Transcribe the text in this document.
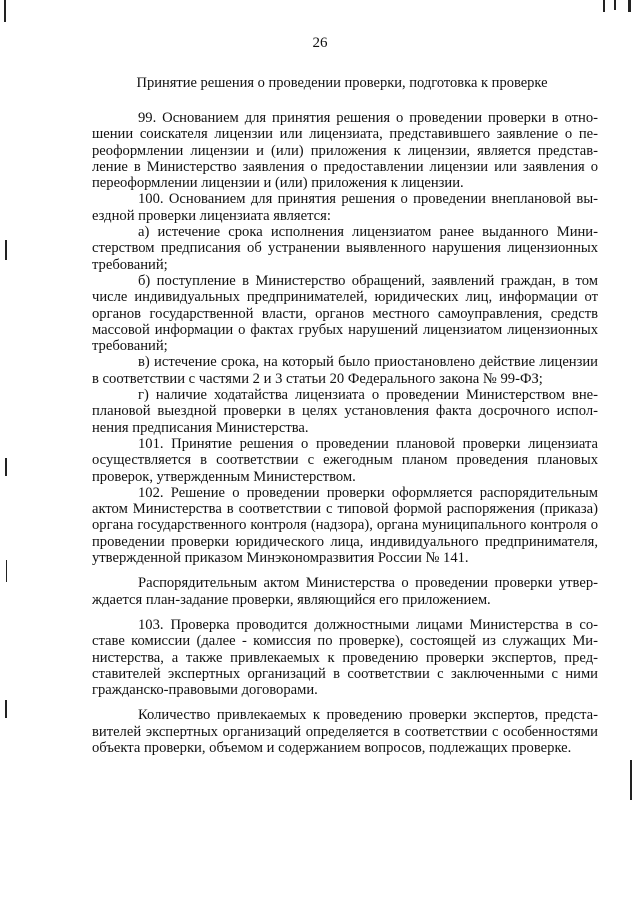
26
Принятие решения о проведении проверки, подготовка к проверке

99. Основанием для принятия решения о проведении проверки в отношении соискателя лицензии или лицензиата, представившего заявление о переоформлении лицензии и (или) приложения к лицензии, является представление в Министерство заявления о предоставлении лицензии или заявления о переоформлении лицензии и (или) приложения к лицензии.

100. Основанием для принятия решения о проведении внеплановой выездной проверки лицензиата является:

а) истечение срока исполнения лицензиатом ранее выданного Министерством предписания об устранении выявленного нарушения лицензионных требований;

б) поступление в Министерство обращений, заявлений граждан, в том числе индивидуальных предпринимателей, юридических лиц, информации от органов государственной власти, органов местного самоуправления, средств массовой информации о фактах грубых нарушений лицензиатом лицензионных требований;

в) истечение срока, на который было приостановлено действие лицензии в соответствии с частями 2 и 3 статьи 20 Федерального закона № 99-ФЗ;

г) наличие ходатайства лицензиата о проведении Министерством внеплановой выездной проверки в целях установления факта досрочного исполнения предписания Министерства.

101. Принятие решения о проведении плановой проверки лицензиата осуществляется в соответствии с ежегодным планом проведения плановых проверок, утвержденным Министерством.

102. Решение о проведении проверки оформляется распорядительным актом Министерства в соответствии с типовой формой распоряжения (приказа) органа государственного контроля (надзора), органа муниципального контроля о проведении проверки юридического лица, индивидуального предпринимателя, утвержденной приказом Минэкономразвития России № 141.

Распорядительным актом Министерства о проведении проверки утверждается план-задание проверки, являющийся его приложением.

103. Проверка проводится должностными лицами Министерства в составе комиссии (далее - комиссия по проверке), состоящей из служащих Министерства, а также привлекаемых к проведению проверки экспертов, представителей экспертных организаций в соответствии с заключенными с ними гражданско-правовыми договорами.

Количество привлекаемых к проведению проверки экспертов, представителей экспертных организаций определяется в соответствии с особенностями объекта проверки, объемом и содержанием вопросов, подлежащих проверке.
